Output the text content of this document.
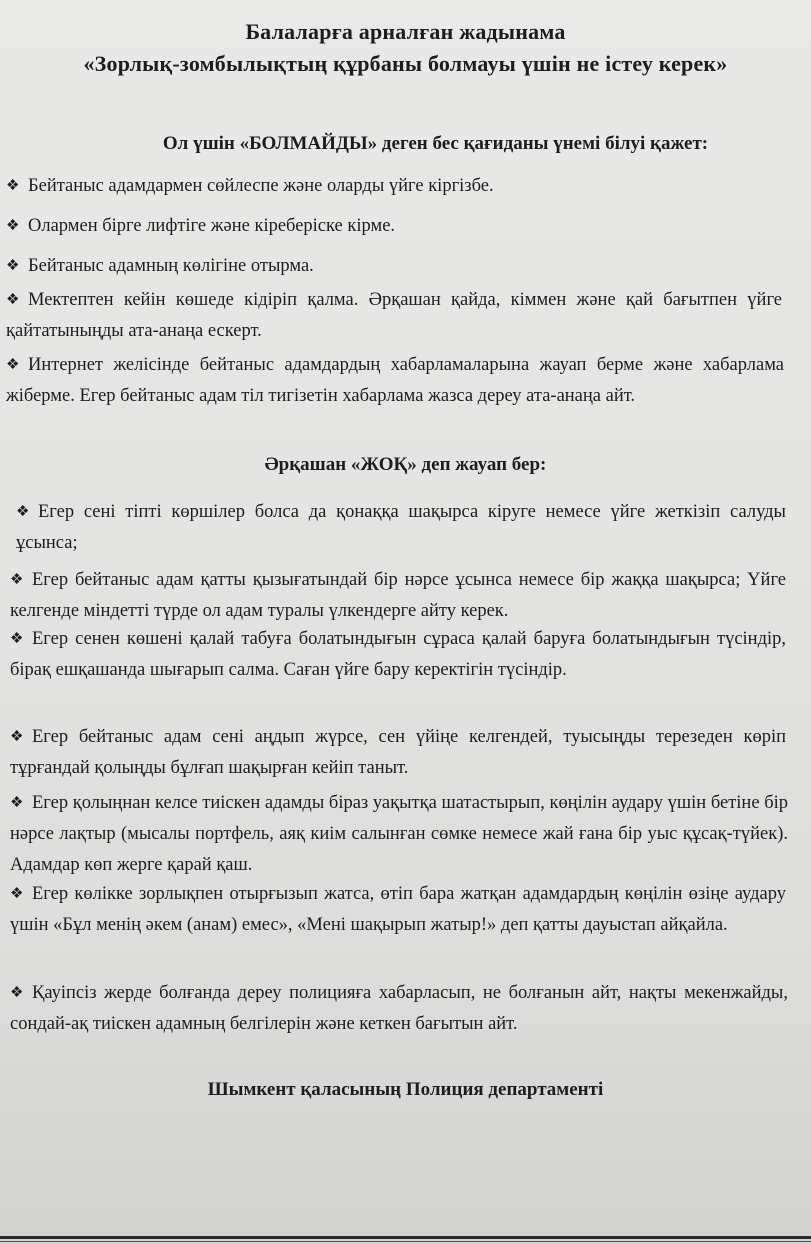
Балаларға арналған жадынама
«Зорлық-зомбылықтың құрбаны болмауы үшін не істеу керек»
Ол үшін «БОЛМАЙДЫ» деген бес қағиданы үнемі білуі қажет:
❖ Бейтаныс адамдармен сөйлеспе және оларды үйге кіргізбе.
❖ Олармен бірге лифтіге және кіреберіске кірме.
❖ Бейтаныс адамның көлігіне отырма.
❖ Мектептен кейін көшеде кідіріп қалма. Әрқашан қайда, кіммен және қай бағытпен үйге қайтатыныңды ата-анаңа ескерт.
❖ Интернет желісінде бейтаныс адамдардың хабарламаларына жауап берме және хабарлама жіберме. Егер бейтаныс адам тіл тигізетін хабарлама жазса дереу ата-анаңа айт.
Әрқашан «ЖОҚ» деп жауап бер:
❖ Егер сені тіпті көршілер болса да қонаққа шақырса кіруге немесе үйге жеткізіп салуды ұсынса;
❖ Егер бейтаныс адам қатты қызығатындай бір нәрсе ұсынса немесе бір жаққа шақырса; Үйге келгенде міндетті түрде ол адам туралы үлкендерге айту керек.
❖ Егер сенен көшені қалай табуға болатындығын сұраса қалай баруға болатындығын түсіндір, бірақ ешқашанда шығарып салма. Саған үйге бару керектігін түсіндір.
❖ Егер бейтаныс адам сені аңдып жүрсе, сен үйіңе келгендей, туысыңды терезеден көріп тұрғандай қолыңды бұлғап шақырған кейіп таныт.
❖ Егер қолыңнан келсе тиіскен адамды біраз уақытқа шатастырып, көңілін аудару үшін бетіне бір нәрсе лақтыр (мысалы портфель, аяқ киім салынған сөмке немесе жай ғана бір уыс құсақ-түйек). Адамдар көп жерге қарай қаш.
❖ Егер көлікке зорлықпен отырғызып жатса, өтіп бара жатқан адамдардың көңілін өзіңе аудару үшін «Бұл менің әкем (анам) емес», «Мені шақырып жатыр!» деп қатты дауыстап айқайла.
❖ Қауіпсіз жерде болғанда дереу полицияға хабарласып, не болғанын айт, нақты мекенжайды, сондай-ақ тиіскен адамның белгілерін және кеткен бағытын айт.
Шымкент қаласының Полиция департаменті
